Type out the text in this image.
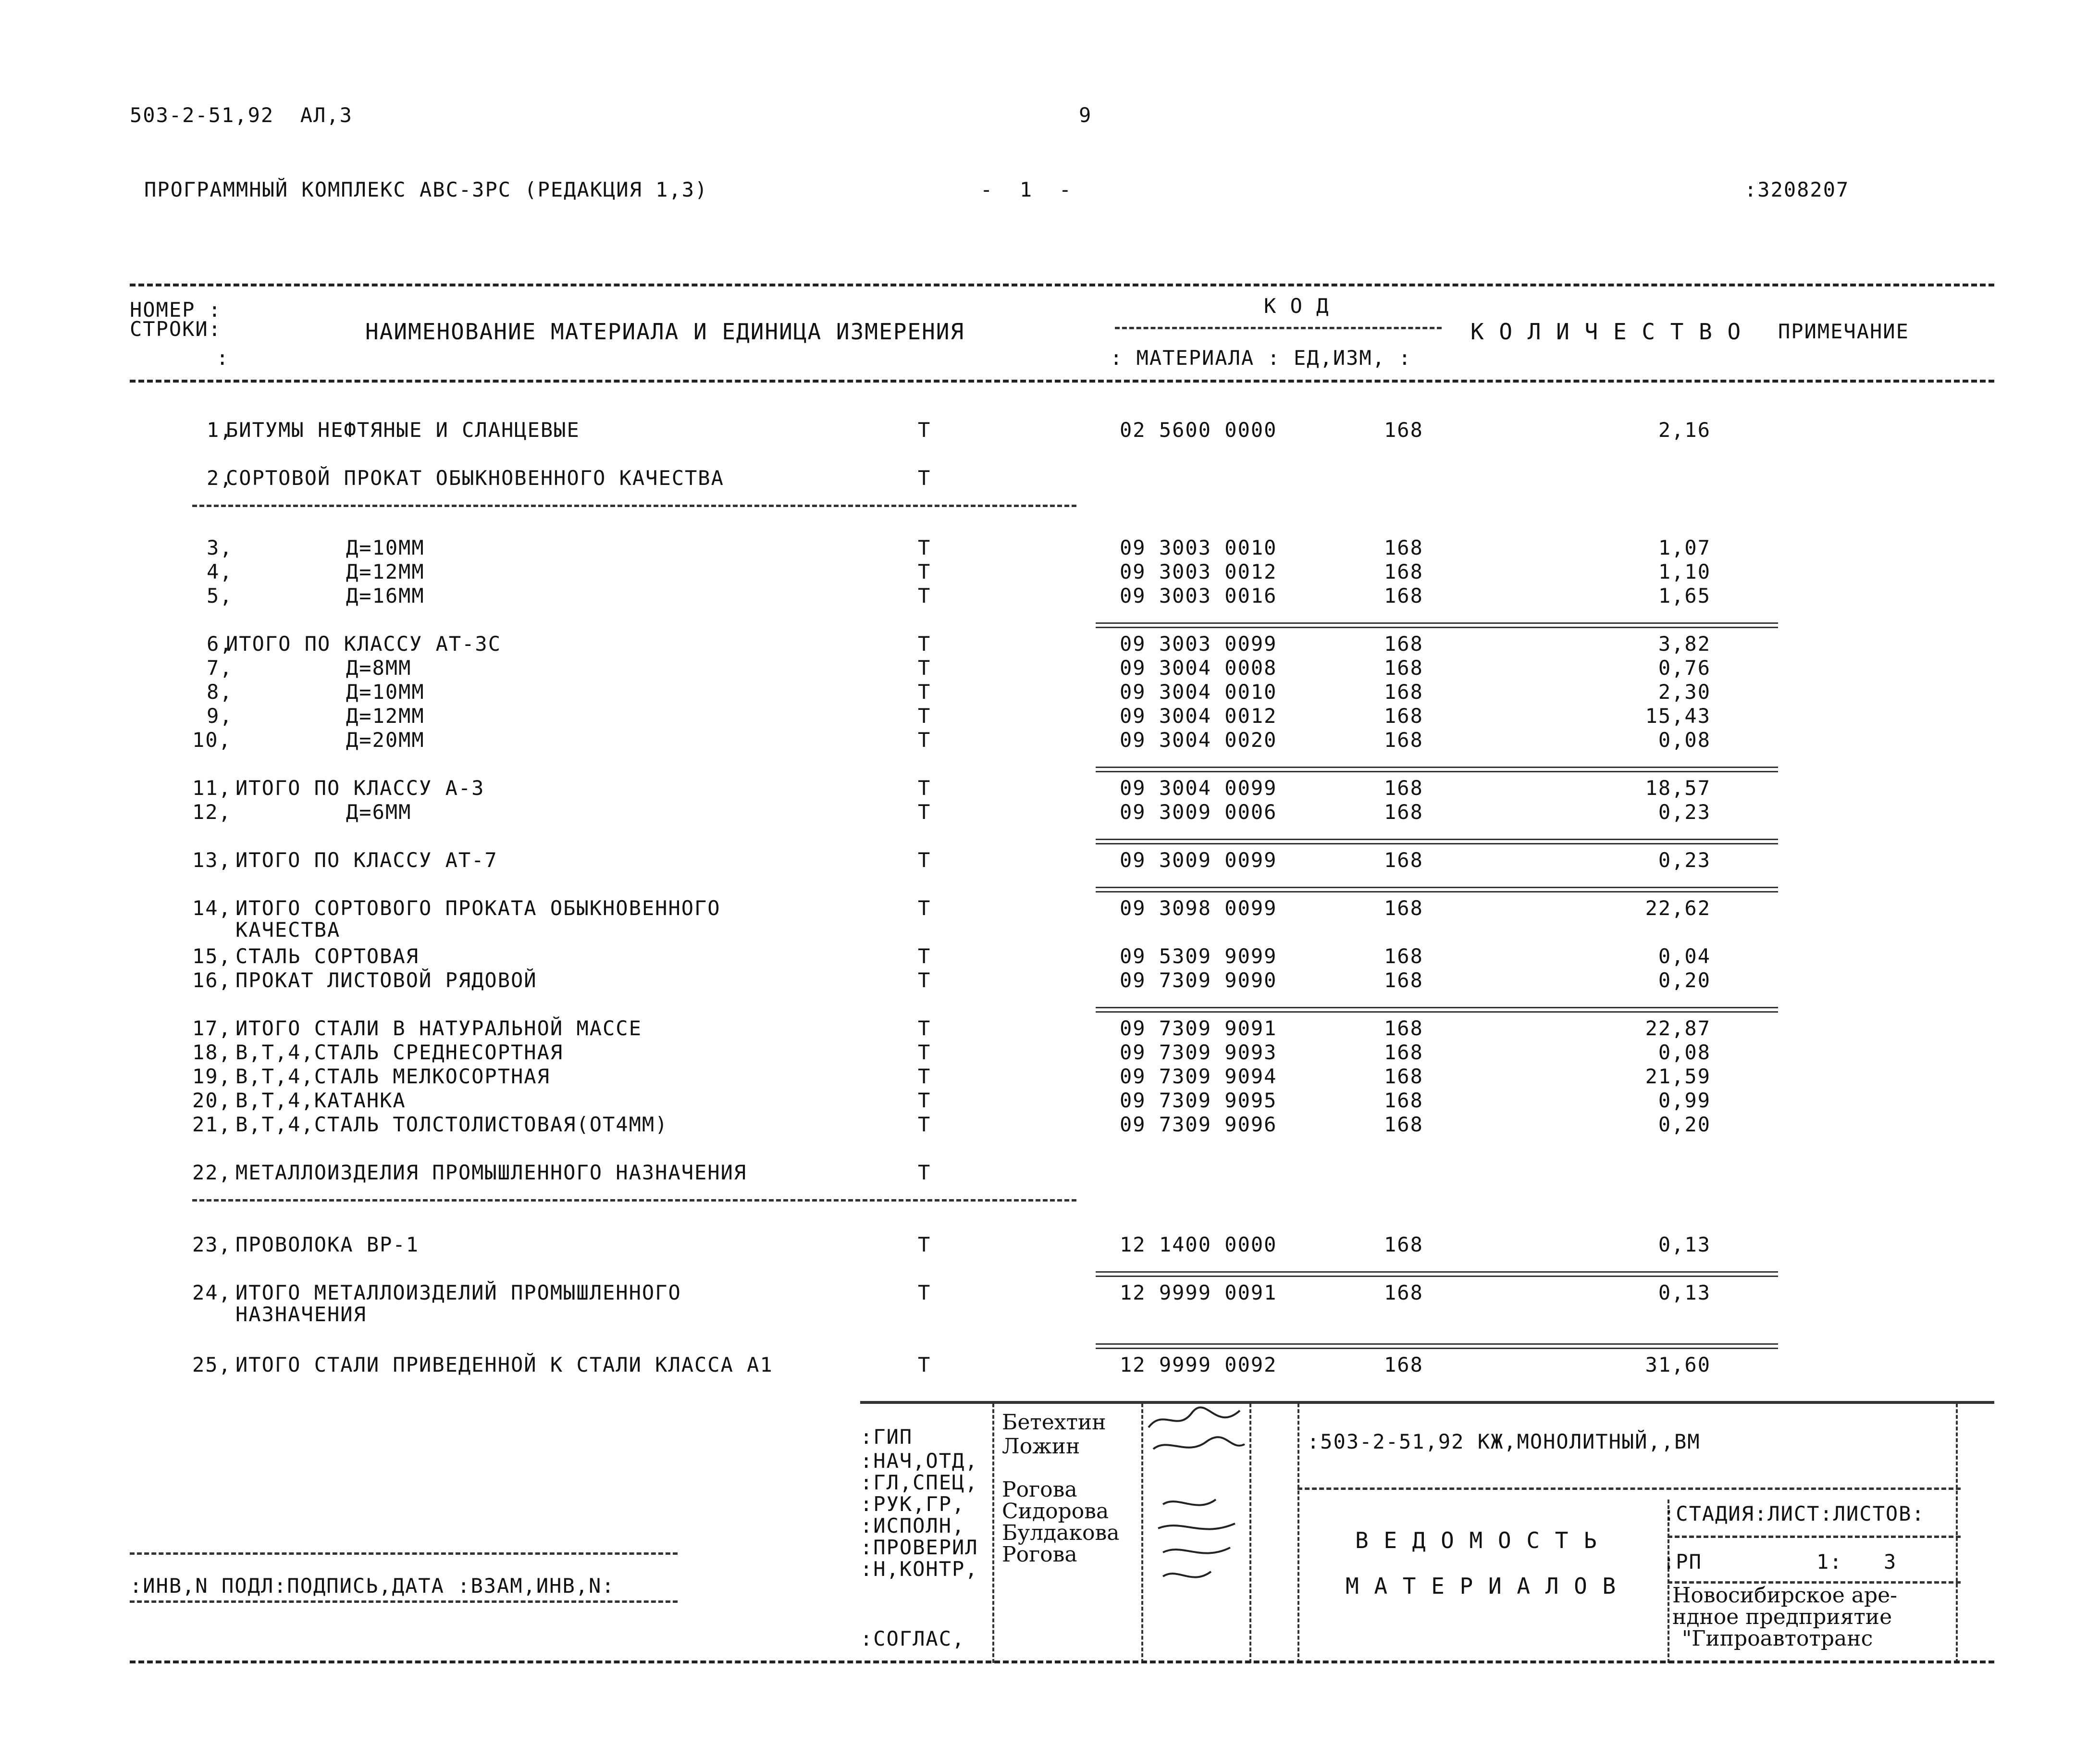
503-2-51,92  АЛ,3	9
ПРОГРАММНЫЙ КОМПЛЕКС АВС-3РС (РЕДАКЦИЯ 1,3)	-  1  -	:3208207
НОМЕР :
СТРОКИ:
:
НАИМЕНОВАНИЕ МАТЕРИАЛА И ЕДИНИЦА ИЗМЕРЕНИЯ
К О Д
: МАТЕРИАЛА : ЕД,ИЗМ, :
К О Л И Ч Е С Т В О ПРИМЕЧАНИЕ
1,
БИТУМЫ НЕФТЯНЫЕ И СЛАНЦЕВЫЕ	Т	02 5600 0000	168	2,16
2,
СОРТОВОЙ ПРОКАТ ОБЫКНОВЕННОГО КАЧЕСТВА	Т
3,	Д=10ММ	Т	09 3003 0010	168	1,07
4,	Д=12ММ	Т	09 3003 0012	168	1,10
5,	Д=16ММ	Т	09 3003 0016	168	1,65
6,
ИТОГО ПО КЛАССУ АТ-3С	Т	09 3003 0099	168	3,82
7,	Д=8ММ	Т	09 3004 0008	168	0,76
8,	Д=10ММ	Т	09 3004 0010	168	2,30
9,	Д=12ММ	Т	09 3004 0012	168	15,43
10,	Д=20ММ	Т	09 3004 0020	168	0,08
11, ИТОГО ПО КЛАССУ А-3	Т	09 3004 0099	168	18,57
12,	Д=6ММ	Т	09 3009 0006	168	0,23
13, ИТОГО ПО КЛАССУ АТ-7	Т	09 3009 0099	168	0,23
14, ИТОГО СОРТОВОГО ПРОКАТА ОБЫКНОВЕННОГО
КАЧЕСТВА
Т	09 3098 0099	168	22,62
15, СТАЛЬ СОРТОВАЯ	Т	09 5309 9099	168	0,04
16, ПРОКАТ ЛИСТОВОЙ РЯДОВОЙ	Т	09 7309 9090	168	0,20
17, ИТОГО СТАЛИ В НАТУРАЛЬНОЙ МАССЕ	Т	09 7309 9091	168	22,87
18, В,Т,4,СТАЛЬ СРЕДНЕСОРТНАЯ	Т	09 7309 9093	168	0,08
19, В,Т,4,СТАЛЬ МЕЛКОСОРТНАЯ	Т	09 7309 9094	168	21,59
20, В,Т,4,КАТАНКА	Т	09 7309 9095	168	0,99
21, В,Т,4,СТАЛЬ ТОЛСТОЛИСТОВАЯ(ОТ4ММ)	Т	09 7309 9096	168	0,20
22, МЕТАЛЛОИЗДЕЛИЯ ПРОМЫШЛЕННОГО НАЗНАЧЕНИЯ	Т
23, ПРОВОЛОКА ВР-1	Т	12 1400 0000	168	0,13
24, ИТОГО МЕТАЛЛОИЗДЕЛИЙ ПРОМЫШЛЕННОГО
НАЗНАЧЕНИЯ
Т	12 9999 0091	168	0,13
25, ИТОГО СТАЛИ ПРИВЕДЕННОЙ К СТАЛИ КЛАССА А1	Т	12 9999 0092	168	31,60
:ГИП
Бетехтин
:НАЧ,ОТД,
Ложин
:ГЛ,СПЕЦ,
:РУК,ГР,
Рогова
:ИСПОЛН,
Сидорова
:ПРОВЕРИЛ
Булдакова
:Н,КОНТР,
Рогова
:СОГЛАС,
:503-2-51,92 КЖ,МОНОЛИТНЫЙ,,ВМ
В Е Д О М О С Т Ь
М А Т Е Р И А Л О В
:СТАДИЯ:ЛИСТ:ЛИСТОВ:
:РП	1: 3
Новосибирское аре-
ндное предприятие
"Гипроавтотранс
:ИНВ,N ПОДЛ:ПОДПИСЬ,ДАТА :ВЗАМ,ИНВ,N:
